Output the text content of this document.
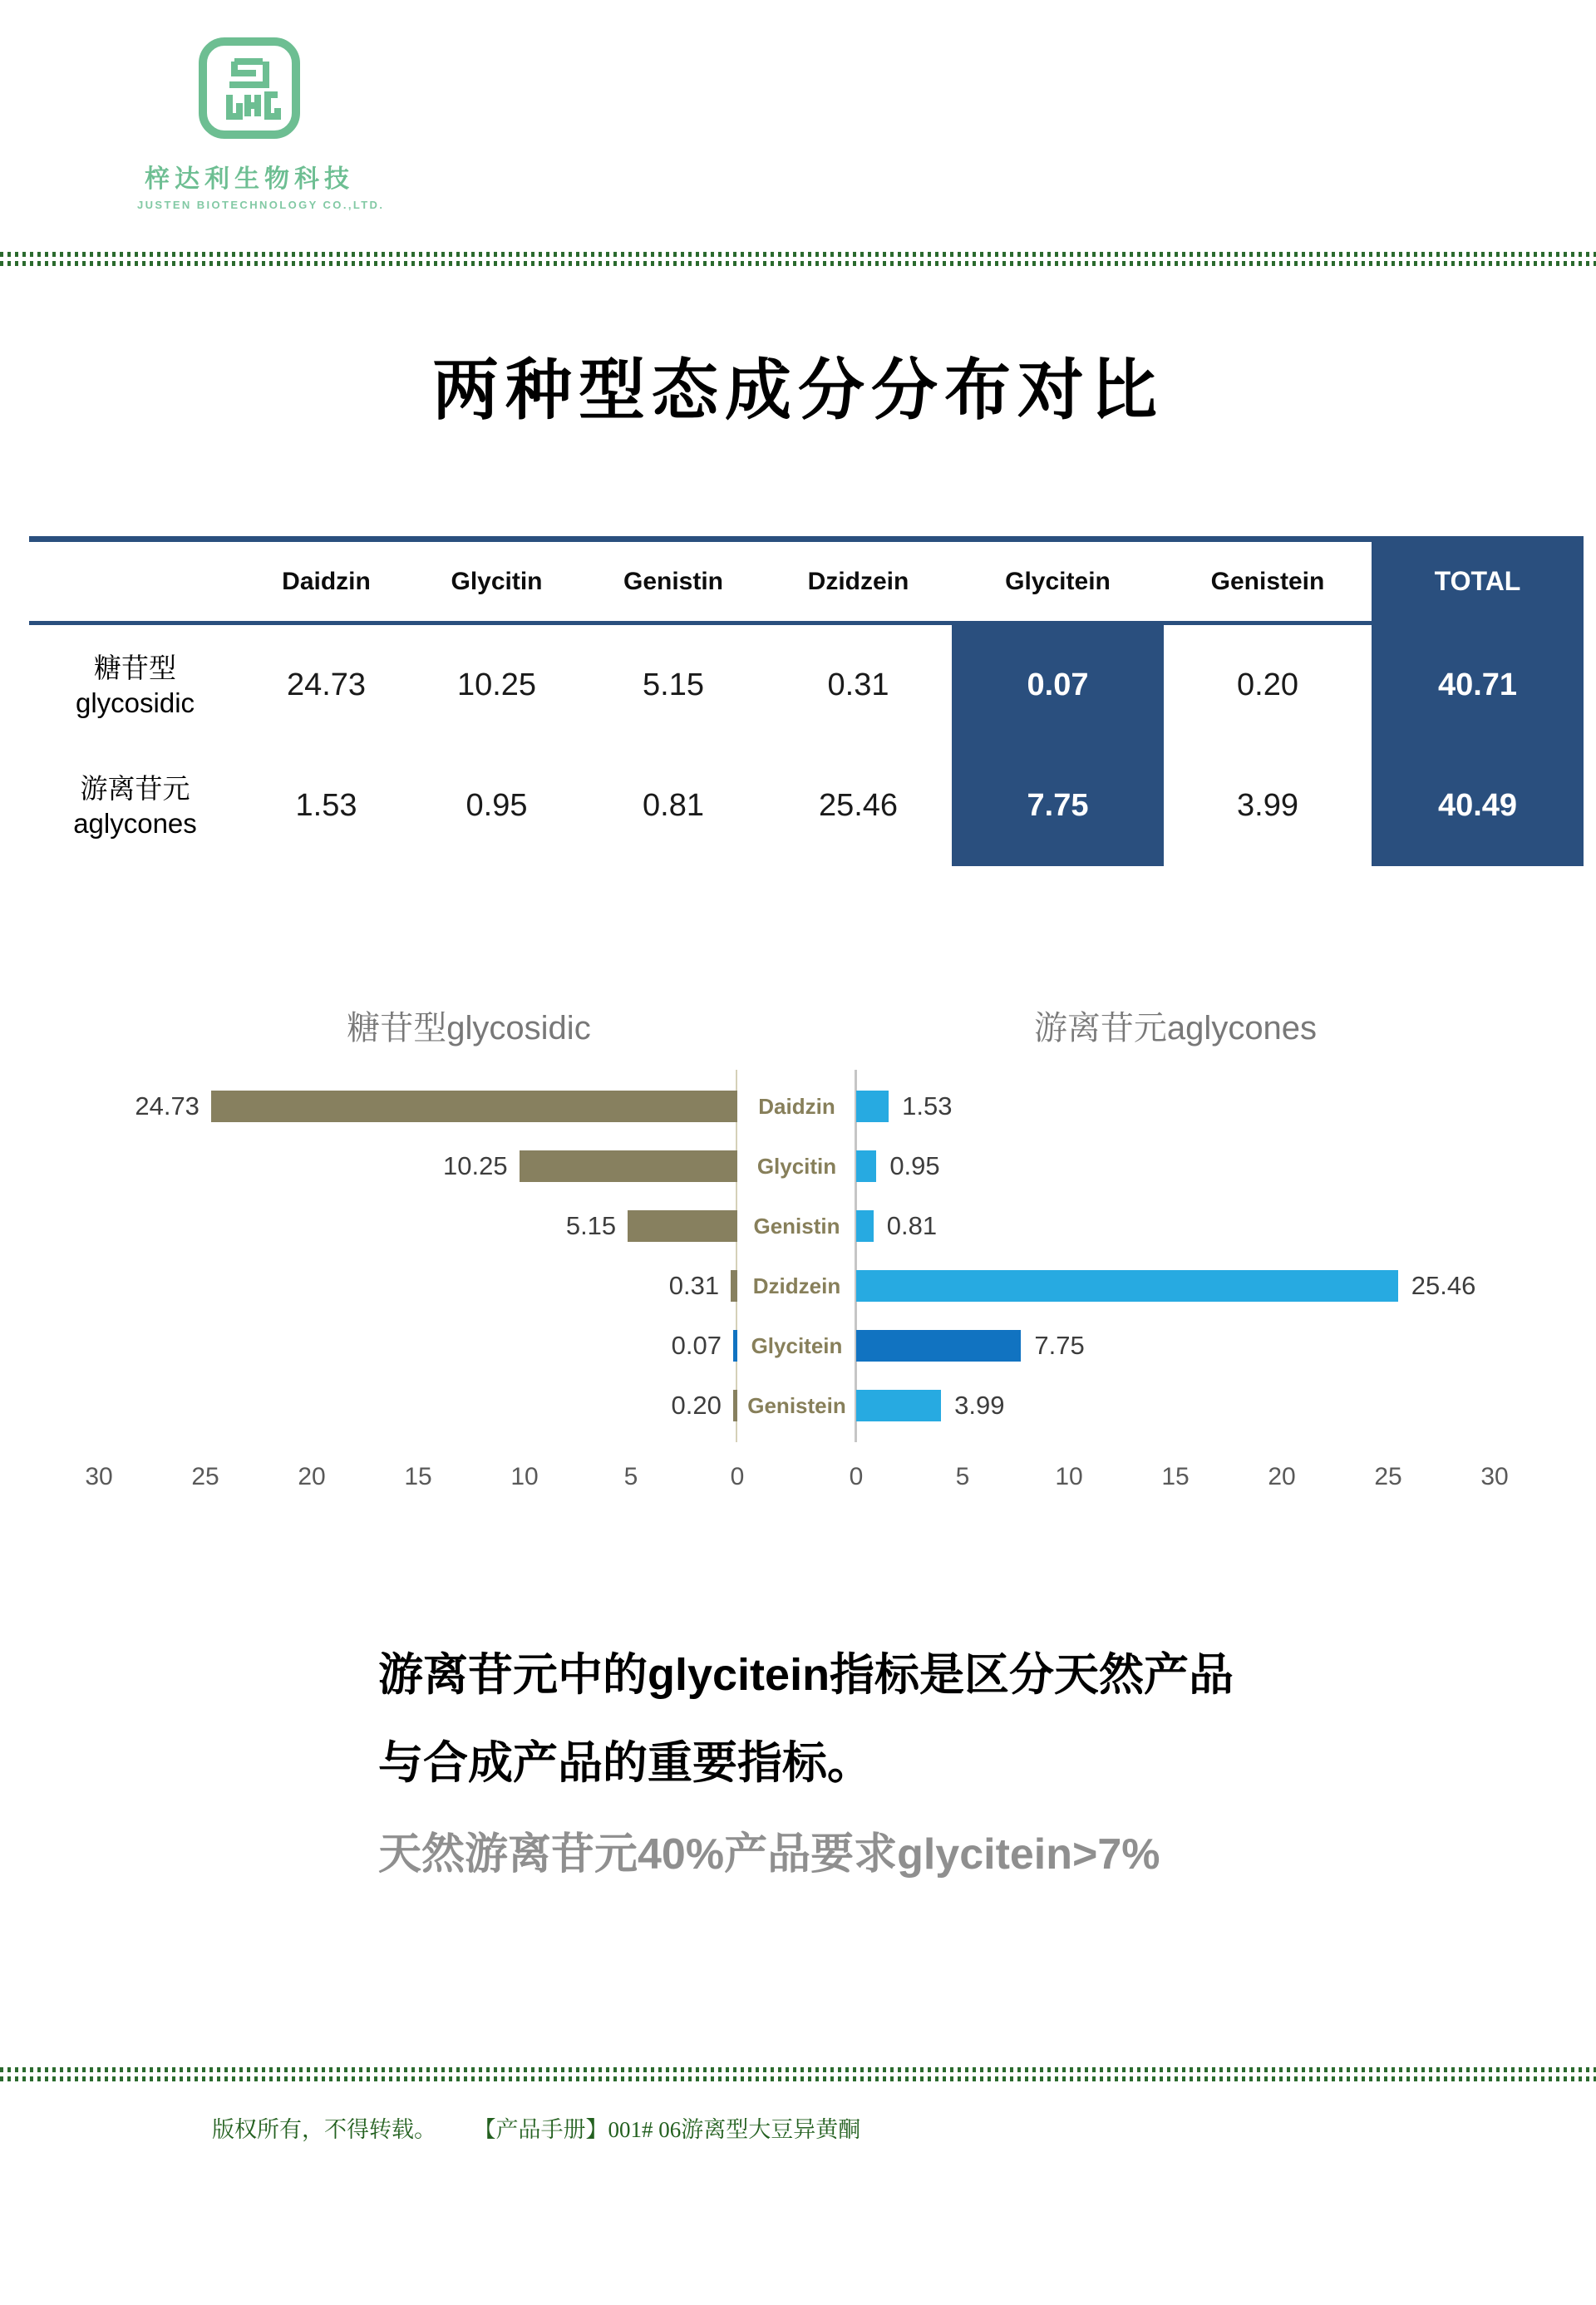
梓达利生物科技
JUSTEN BIOTECHNOLOGY CO.,LTD.
两种型态成分分布对比
Daidzin	Glycitin	Genistin	Dzidzein	Glycitein	Genistein	TOTAL
糖苷型
glycosidic	24.73	10.25	5.15	0.31	0.07	0.20	40.71
游离苷元
aglycones	1.53	0.95	0.81	25.46	7.75	3.99	40.49
糖苷型glycosidic	游离苷元aglycones
24.73	Daidzin	1.53
10.25	Glycitin	0.95
5.15	Genistin	0.81
0.31	Dzidzein	25.46
0.07	Glycitein	7.75
0.20	Genistein	3.99
0
5
10
15
20
25
30	0	5	10	15	20	25	30
游离苷元中的glycitein指标是区分天然产品
与合成产品的重要指标。
天然游离苷元40%产品要求glycitein>7%
版权所有，不得转载。 【产品手册】001# 06游离型大豆异黄酮
